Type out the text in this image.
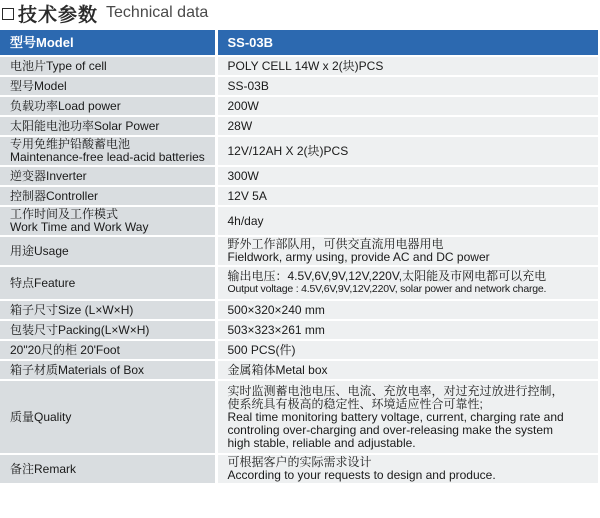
技术参数 Technical data
型号Model	SS-03B

电池片Type of cell	POLY CELL 14W x 2(块)PCS

型号Model	SS-03B

负载功率Load power	200W

太阳能电池功率Solar Power	28W

专用免维护铅酸蓄电池
Maintenance-free lead-acid batteries	12V/12AH X 2(块)PCS

逆变器Inverter	300W

控制器Controller	12V 5A

工作时间及工作模式
Work Time and Work Way	4h/day

用途Usage	野外工作部队用，可供交直流用电器用电
Fieldwork, army using, provide AC and DC power

特点Feature	输出电压：4.5V,6V,9V,12V,220V,太阳能及市网电都可以充电
Output voltage : 4.5V,6V,9V,12V,220V, solar power and network charge.

箱子尺寸Size (L×W×H)	500×320×240 mm

包装尺寸Packing(L×W×H)	503×323×261 mm

20"20尺的柜 20'Foot	500 PCS(件)

箱子材质Materials of Box	金属箱体Metal box

质量Quality	实时监测蓄电池电压、电流、充放电率，对过充过放进行控制，
使系统具有极高的稳定性、环境适应性合可靠性;
Real time monitoring battery voltage, current, charging rate and
controling over-charging and over-releasing make the system
high stable, reliable and adjustable.

备注Remark	可根据客户的实际需求设计
According to your requests to design and produce.
